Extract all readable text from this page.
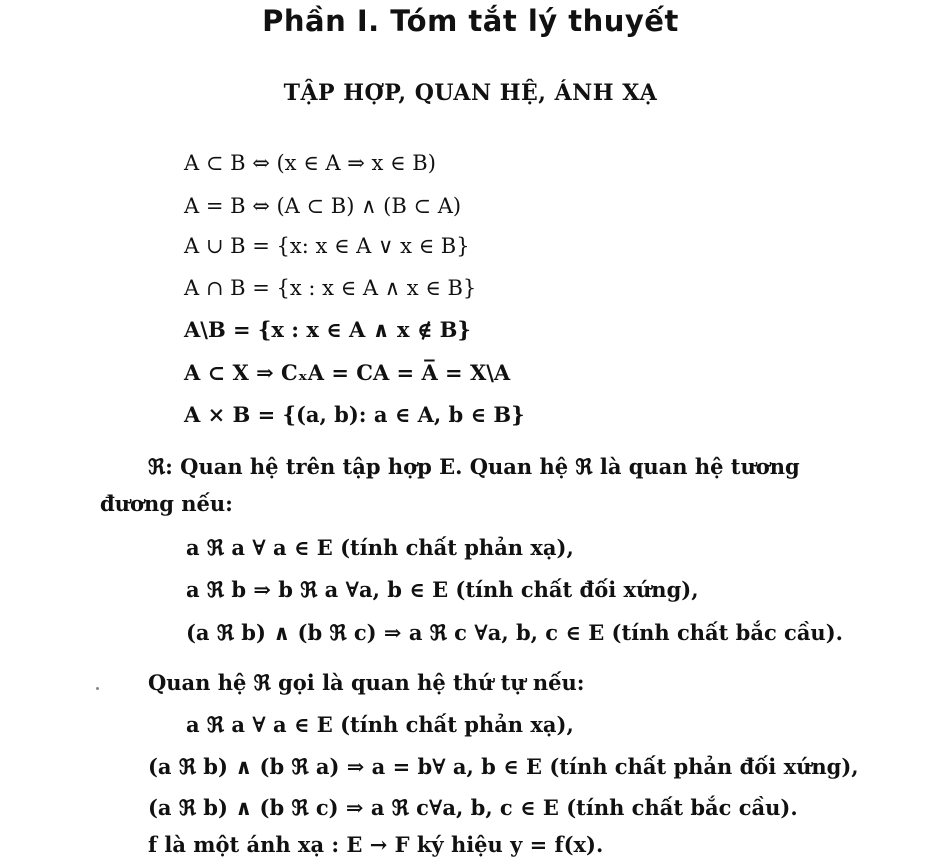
Phần I. Tóm tắt lý thuyết
TẬP HỢP, QUAN HỆ, ÁNH XẠ
A ⊂ B ⇔ (x ∈ A ⇒ x ∈ B)
A = B ⇔ (A ⊂ B) ∧ (B ⊂ A)
A ∪ B = {x: x ∈ A ∨ x ∈ B}
A ∩ B = {x : x ∈ A ∧ x ∈ B}
A\B = {x : x ∈ A ∧ x ∉ B}
A ⊂ X ⇒ CₓA = CA = A̅ = X\A
A × B = {(a, b): a ∈ A, b ∈ B}
ℜ: Quan hệ trên tập hợp E. Quan hệ ℜ là quan hệ tương
đương nếu:
a ℜ a ∀ a ∈ E (tính chất phản xạ),
a ℜ b ⇒ b ℜ a ∀a, b ∈ E (tính chất đối xứng),
(a ℜ b) ∧ (b ℜ c) ⇒ a ℜ c ∀a, b, c ∈ E (tính chất bắc cầu).
Quan hệ ℜ gọi là quan hệ thứ tự nếu:
a ℜ a ∀ a ∈ E (tính chất phản xạ),
(a ℜ b) ∧ (b ℜ a) ⇒ a = b∀ a, b ∈ E (tính chất phản đối xứng),
(a ℜ b) ∧ (b ℜ c) ⇒ a ℜ c∀a, b, c ∈ E (tính chất bắc cầu).
f là một ánh xạ : E → F ký hiệu y = f(x).
